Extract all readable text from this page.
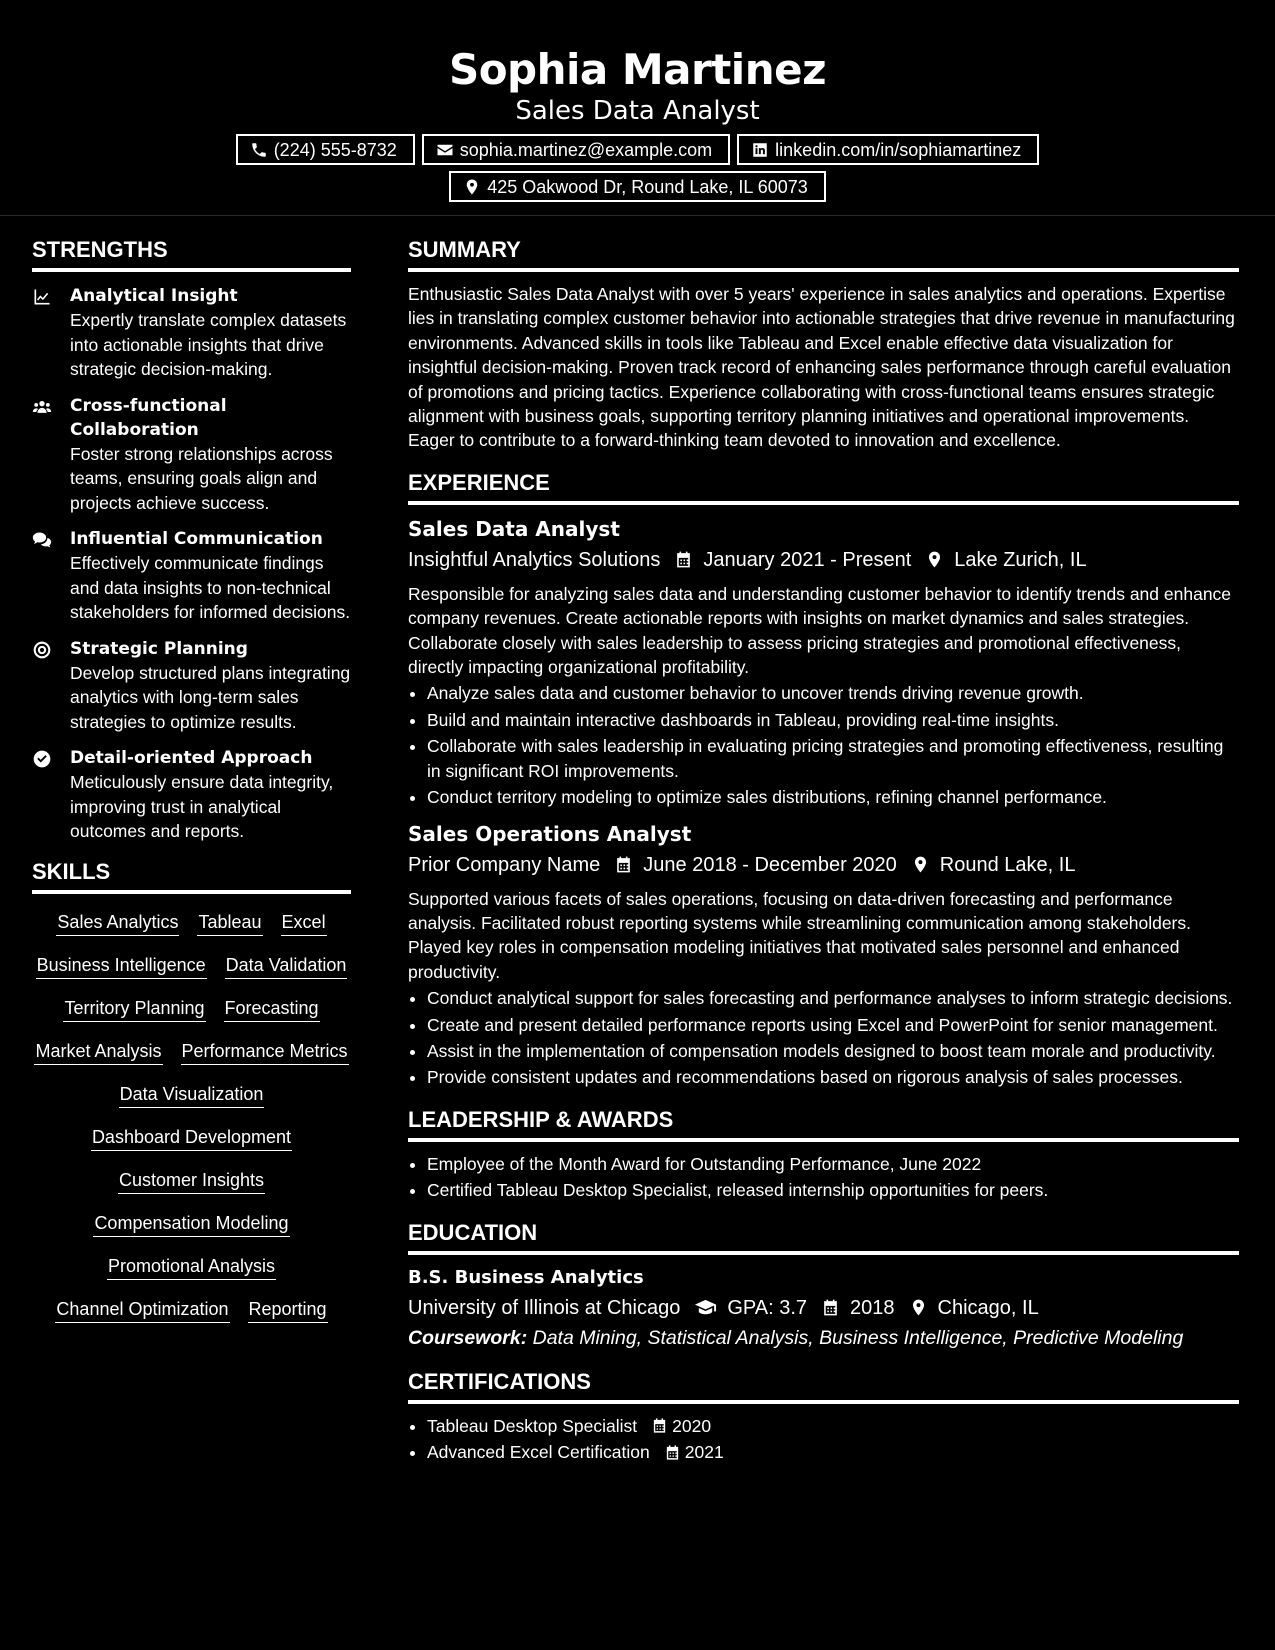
Sophia Martinez
Sales Data Analyst
(224) 555-8732	sophia.martinez@example.com	linkedin.com/in/sophiamartinez
425 Oakwood Dr, Round Lake, IL 60073
STRENGTHS
Analytical Insight
Expertly translate complex datasets into actionable insights that drive strategic decision-making.
Cross-functional Collaboration
Foster strong relationships across teams, ensuring goals align and projects achieve success.
Influential Communication
Effectively communicate findings and data insights to non-technical stakeholders for informed decisions.
Strategic Planning
Develop structured plans integrating analytics with long-term sales strategies to optimize results.
Detail-oriented Approach
Meticulously ensure data integrity, improving trust in analytical outcomes and reports.
SKILLS
Sales Analytics Tableau Excel
Business Intelligence Data Validation
Territory Planning Forecasting
Market Analysis Performance Metrics
Data Visualization
Dashboard Development
Customer Insights
Compensation Modeling
Promotional Analysis
Channel Optimization Reporting
SUMMARY

Enthusiastic Sales Data Analyst with over 5 years' experience in sales analytics and operations. Expertise lies in translating complex customer behavior into actionable strategies that drive revenue in manufacturing environments. Advanced skills in tools like Tableau and Excel enable effective data visualization for insightful decision-making. Proven track record of enhancing sales performance through careful evaluation of promotions and pricing tactics. Experience collaborating with cross-functional teams ensures strategic alignment with business goals, supporting territory planning initiatives and operational improvements. Eager to contribute to a forward-thinking team devoted to innovation and excellence.

EXPERIENCE
Sales Data Analyst
Insightful Analytics Solutions January 2021 - Present Lake Zurich, IL

Responsible for analyzing sales data and understanding customer behavior to identify trends and enhance company revenues. Create actionable reports with insights on market dynamics and sales strategies. Collaborate closely with sales leadership to assess pricing strategies and promotional effectiveness, directly impacting organizational profitability.

• Analyze sales data and customer behavior to uncover trends driving revenue growth.
• Build and maintain interactive dashboards in Tableau, providing real-time insights.
• Collaborate with sales leadership in evaluating pricing strategies and promoting effectiveness, resulting in significant ROI improvements.
• Conduct territory modeling to optimize sales distributions, refining channel performance.
Sales Operations Analyst
Prior Company Name June 2018 - December 2020 Round Lake, IL

Supported various facets of sales operations, focusing on data-driven forecasting and performance analysis. Facilitated robust reporting systems while streamlining communication among stakeholders. Played key roles in compensation modeling initiatives that motivated sales personnel and enhanced productivity.

• Conduct analytical support for sales forecasting and performance analyses to inform strategic decisions.
• Create and present detailed performance reports using Excel and PowerPoint for senior management.
• Assist in the implementation of compensation models designed to boost team morale and productivity.
• Provide consistent updates and recommendations based on rigorous analysis of sales processes.
LEADERSHIP & AWARDS
• Employee of the Month Award for Outstanding Performance, June 2022
• Certified Tableau Desktop Specialist, released internship opportunities for peers.
EDUCATION
B.S. Business Analytics
University of Illinois at Chicago GPA: 3.7 2018 Chicago, IL
Coursework: Data Mining, Statistical Analysis, Business Intelligence, Predictive Modeling
CERTIFICATIONS
• Tableau Desktop Specialist 2020
• Advanced Excel Certification 2021
